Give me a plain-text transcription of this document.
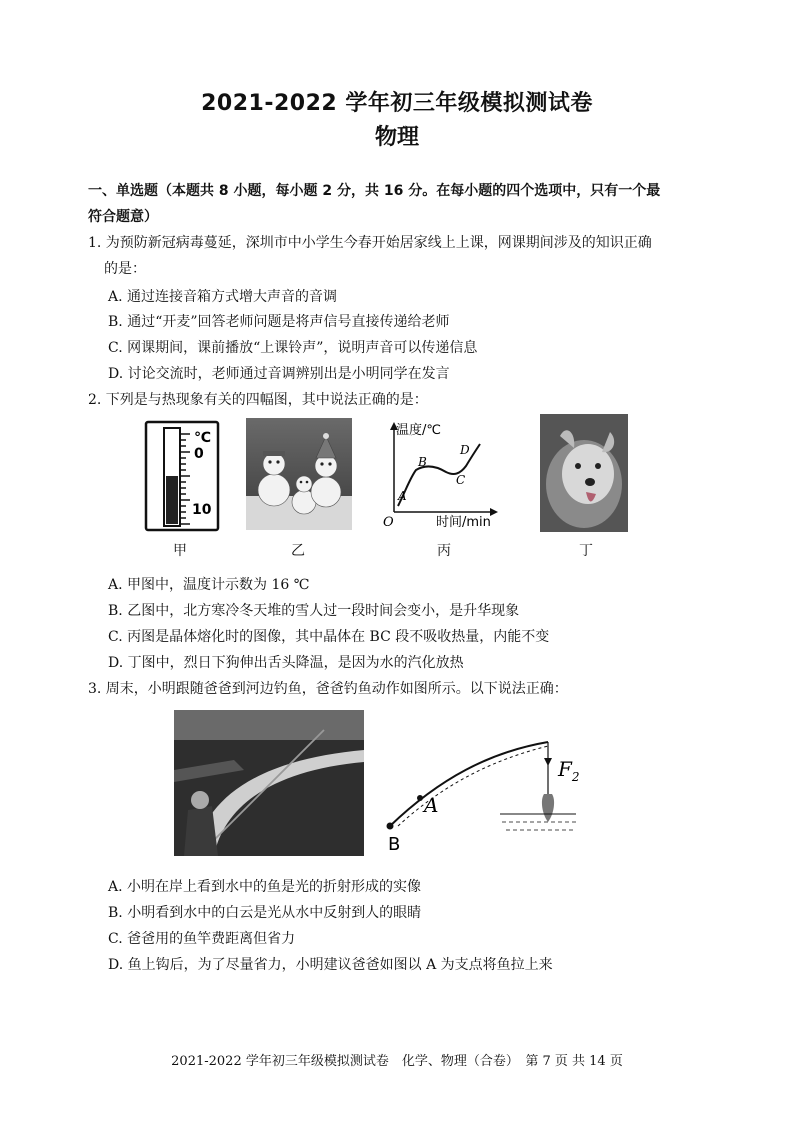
2021-2022 学年初三年级模拟测试卷
物理
一、单选题（本题共 8 小题，每小题 2 分，共 16 分。在每小题的四个选项中，只有一个最
符合题意）
1. 为预防新冠病毒蔓延，深圳市中小学生今春开始居家线上上课，网课期间涉及的知识正确
的是：
A. 通过连接音箱方式增大声音的音调
B. 通过“开麦”回答老师问题是将声信号直接传递给老师
C. 网课期间，课前播放“上课铃声”，说明声音可以传递信息
D. 讨论交流时，老师通过音调辨别出是小明同学在发言
2. 下列是与热现象有关的四幅图，其中说法正确的是：
℃
0
10
甲	乙
温度/℃
时间/min
O
A
B
C
D
丙	丁
A. 甲图中，温度计示数为 16 ℃
B. 乙图中，北方寒冷冬天堆的雪人过一段时间会变小，是升华现象
C. 丙图是晶体熔化时的图像，其中晶体在 BC 段不吸收热量，内能不变
D. 丁图中，烈日下狗伸出舌头降温，是因为水的汽化放热
3. 周末，小明跟随爸爸到河边钓鱼，爸爸钓鱼动作如图所示。以下说法正确：
A
B
$F_2$
A. 小明在岸上看到水中的鱼是光的折射形成的实像
B. 小明看到水中的白云是光从水中反射到人的眼睛
C. 爸爸用的鱼竿费距离但省力
D. 鱼上钩后，为了尽量省力，小明建议爸爸如图以 A 为支点将鱼拉上来
2021-2022 学年初三年级模拟测试卷　化学、物理（合卷）　第 7 页 共 14 页
